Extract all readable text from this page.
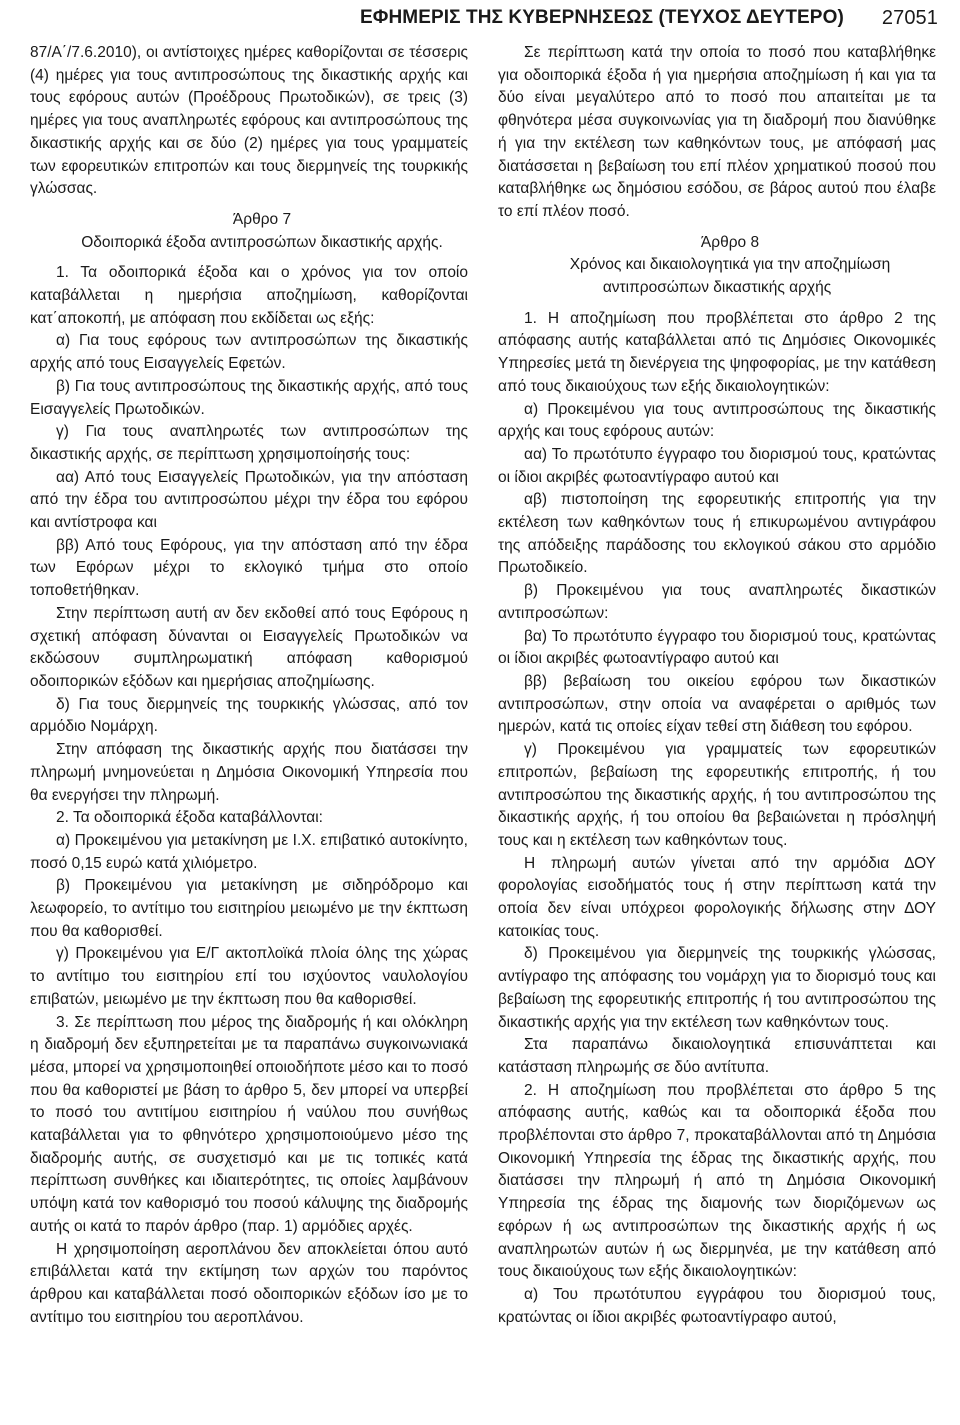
ΕΦΗΜΕΡΙΣ ΤΗΣ ΚΥΒΕΡΝΗΣΕΩΣ (ΤΕΥΧΟΣ ΔΕΥΤΕΡΟ) 27051

87/Α΄/7.6.2010), οι αντίστοιχες ημέρες καθορίζονται σε τέσσερις (4) ημέρες για τους αντιπροσώπους της δικαστικής αρχής και τους εφόρους αυτών (Προέδρους Πρωτοδικών), σε τρεις (3) ημέρες για τους αναπληρωτές εφόρους και αντιπροσώπους της δικαστικής αρχής και σε δύο (2) ημέρες για τους γραμματείς των εφορευτικών επιτροπών και τους διερμηνείς της τουρκικής γλώσσας.

Άρθρο 7

Οδοιπορικά έξοδα αντιπροσώπων δικαστικής αρχής.

1. Τα οδοιπορικά έξοδα και ο χρόνος για τον οποίο καταβάλλεται η ημερήσια αποζημίωση, καθορίζονται κατ΄αποκοπή, με απόφαση που εκδίδεται ως εξής:

α) Για τους εφόρους των αντιπροσώπων της δικαστικής αρχής από τους Εισαγγελείς Εφετών.

β) Για τους αντιπροσώπους της δικαστικής αρχής, από τους Εισαγγελείς Πρωτοδικών.

γ) Για τους αναπληρωτές των αντιπροσώπων της δικαστικής αρχής, σε περίπτωση χρησιμοποίησής τους:

αα) Από τους Εισαγγελείς Πρωτοδικών, για την απόσταση από την έδρα του αντιπροσώπου μέχρι την έδρα του εφόρου και αντίστροφα και

ββ) Από τους Εφόρους, για την απόσταση από την έδρα των Εφόρων μέχρι το εκλογικό τμήμα στο οποίο τοποθετήθηκαν.

Στην περίπτωση αυτή αν δεν εκδοθεί από τους Εφόρους η σχετική απόφαση δύνανται οι Εισαγγελείς Πρωτοδικών να εκδώσουν συμπληρωματική απόφαση καθορισμού οδοιπορικών εξόδων και ημερήσιας αποζημίωσης.

δ) Για τους διερμηνείς της τουρκικής γλώσσας, από τον αρμόδιο Νομάρχη.

Στην απόφαση της δικαστικής αρχής που διατάσσει την πληρωμή μνημονεύεται η Δημόσια Οικονομική Υπηρεσία που θα ενεργήσει την πληρωμή.

2. Τα οδοιπορικά έξοδα καταβάλλονται:

α) Προκειμένου για μετακίνηση με Ι.Χ. επιβατικό αυτοκίνητο, ποσό 0,15 ευρώ κατά χιλιόμετρο.

β) Προκειμένου για μετακίνηση με σιδηρόδρομο και λεωφορείο, το αντίτιμο του εισιτηρίου μειωμένο με την έκπτωση που θα καθορισθεί.

γ) Προκειμένου για Ε/Γ ακτοπλοϊκά πλοία όλης της χώρας το αντίτιμο του εισιτηρίου επί του ισχύοντος ναυλολογίου επιβατών, μειωμένο με την έκπτωση που θα καθορισθεί.

3. Σε περίπτωση που μέρος της διαδρομής ή και ολόκληρη η διαδρομή δεν εξυπηρετείται με τα παραπάνω συγκοινωνιακά μέσα, μπορεί να χρησιμοποιηθεί οποιοδήποτε μέσο και το ποσό που θα καθοριστεί με βάση το άρθρο 5, δεν μπορεί να υπερβεί το ποσό του αντιτίμου εισιτηρίου ή ναύλου που συνήθως καταβάλλεται για το φθηνότερο χρησιμοποιούμενο μέσο της διαδρομής αυτής, σε συσχετισμό και με τις τοπικές κατά περίπτωση συνθήκες και ιδιαιτερότητες, τις οποίες λαμβάνουν υπόψη κατά τον καθορισμό του ποσού κάλυψης της διαδρομής αυτής οι κατά το παρόν άρθρο (παρ. 1) αρμόδιες αρχές.

Η χρησιμοποίηση αεροπλάνου δεν αποκλείεται όπου αυτό επιβάλλεται κατά την εκτίμηση των αρχών του παρόντος άρθρου και καταβάλλεται ποσό οδοιπορικών εξόδων ίσο με το αντίτιμο του εισιτηρίου του αεροπλάνου.

Σε περίπτωση κατά την οποία το ποσό που καταβλήθηκε για οδοιπορικά έξοδα ή για ημερήσια αποζημίωση ή και για τα δύο είναι μεγαλύτερο από το ποσό που απαιτείται με τα φθηνότερα μέσα συγκοινωνίας για τη διαδρομή που διανύθηκε ή για την εκτέλεση των καθηκόντων τους, με απόφασή μας διατάσσεται η βεβαίωση του επί πλέον χρηματικού ποσού που καταβλήθηκε ως δημόσιου εσόδου, σε βάρος αυτού που έλαβε το επί πλέον ποσό.

Άρθρο 8

Χρόνος και δικαιολογητικά για την αποζημίωση αντιπροσώπων δικαστικής αρχής

1. Η αποζημίωση που προβλέπεται στο άρθρο 2 της απόφασης αυτής καταβάλλεται από τις Δημόσιες Οικονομικές Υπηρεσίες μετά τη διενέργεια της ψηφοφορίας, με την κατάθεση από τους δικαιούχους των εξής δικαιολογητικών:

α) Προκειμένου για τους αντιπροσώπους της δικαστικής αρχής και τους εφόρους αυτών:

αα) Το πρωτότυπο έγγραφο του διορισμού τους, κρατώντας οι ίδιοι ακριβές φωτοαντίγραφο αυτού και

αβ) πιστοποίηση της εφορευτικής επιτροπής για την εκτέλεση των καθηκόντων τους ή επικυρωμένου αντιγράφου της απόδειξης παράδοσης του εκλογικού σάκου στο αρμόδιο Πρωτοδικείο.

β) Προκειμένου για τους αναπληρωτές δικαστικών αντιπροσώπων:

βα) Το πρωτότυπο έγγραφο του διορισμού τους, κρατώντας οι ίδιοι ακριβές φωτοαντίγραφο αυτού και

ββ) βεβαίωση του οικείου εφόρου των δικαστικών αντιπροσώπων, στην οποία να αναφέρεται ο αριθμός των ημερών, κατά τις οποίες είχαν τεθεί στη διάθεση του εφόρου.

γ) Προκειμένου για γραμματείς των εφορευτικών επιτροπών, βεβαίωση της εφορευτικής επιτροπής, ή του αντιπροσώπου της δικαστικής αρχής, ή του αντιπροσώπου της δικαστικής αρχής, ή του οποίου θα βεβαιώνεται η πρόσληψή τους και η εκτέλεση των καθηκόντων τους.

Η πληρωμή αυτών γίνεται από την αρμόδια ΔΟΥ φορολογίας εισοδήματός τους ή στην περίπτωση κατά την οποία δεν είναι υπόχρεοι φορολογικής δήλωσης στην ΔΟΥ κατοικίας τους.

δ) Προκειμένου για διερμηνείς της τουρκικής γλώσσας, αντίγραφο της απόφασης του νομάρχη για το διορισμό τους και βεβαίωση της εφορευτικής επιτροπής ή του αντιπροσώπου της δικαστικής αρχής για την εκτέλεση των καθηκόντων τους.

Στα παραπάνω δικαιολογητικά επισυνάπτεται και κατάσταση πληρωμής σε δύο αντίτυπα.

2. Η αποζημίωση που προβλέπεται στο άρθρο 5 της απόφασης αυτής, καθώς και τα οδοιπορικά έξοδα που προβλέπονται στο άρθρο 7, προκαταβάλλονται από τη Δημόσια Οικονομική Υπηρεσία της έδρας της δικαστικής αρχής, που διατάσσει την πληρωμή ή από τη Δημόσια Οικονομική Υπηρεσία της έδρας της διαμονής των διοριζόμενων ως εφόρων ή ως αντιπροσώπων της δικαστικής αρχής ή ως αναπληρωτών αυτών ή ως διερμηνέα, με την κατάθεση από τους δικαιούχους των εξής δικαιολογητικών:

α) Του πρωτότυπου εγγράφου του διορισμού τους, κρατώντας οι ίδιοι ακριβές φωτοαντίγραφο αυτού,
